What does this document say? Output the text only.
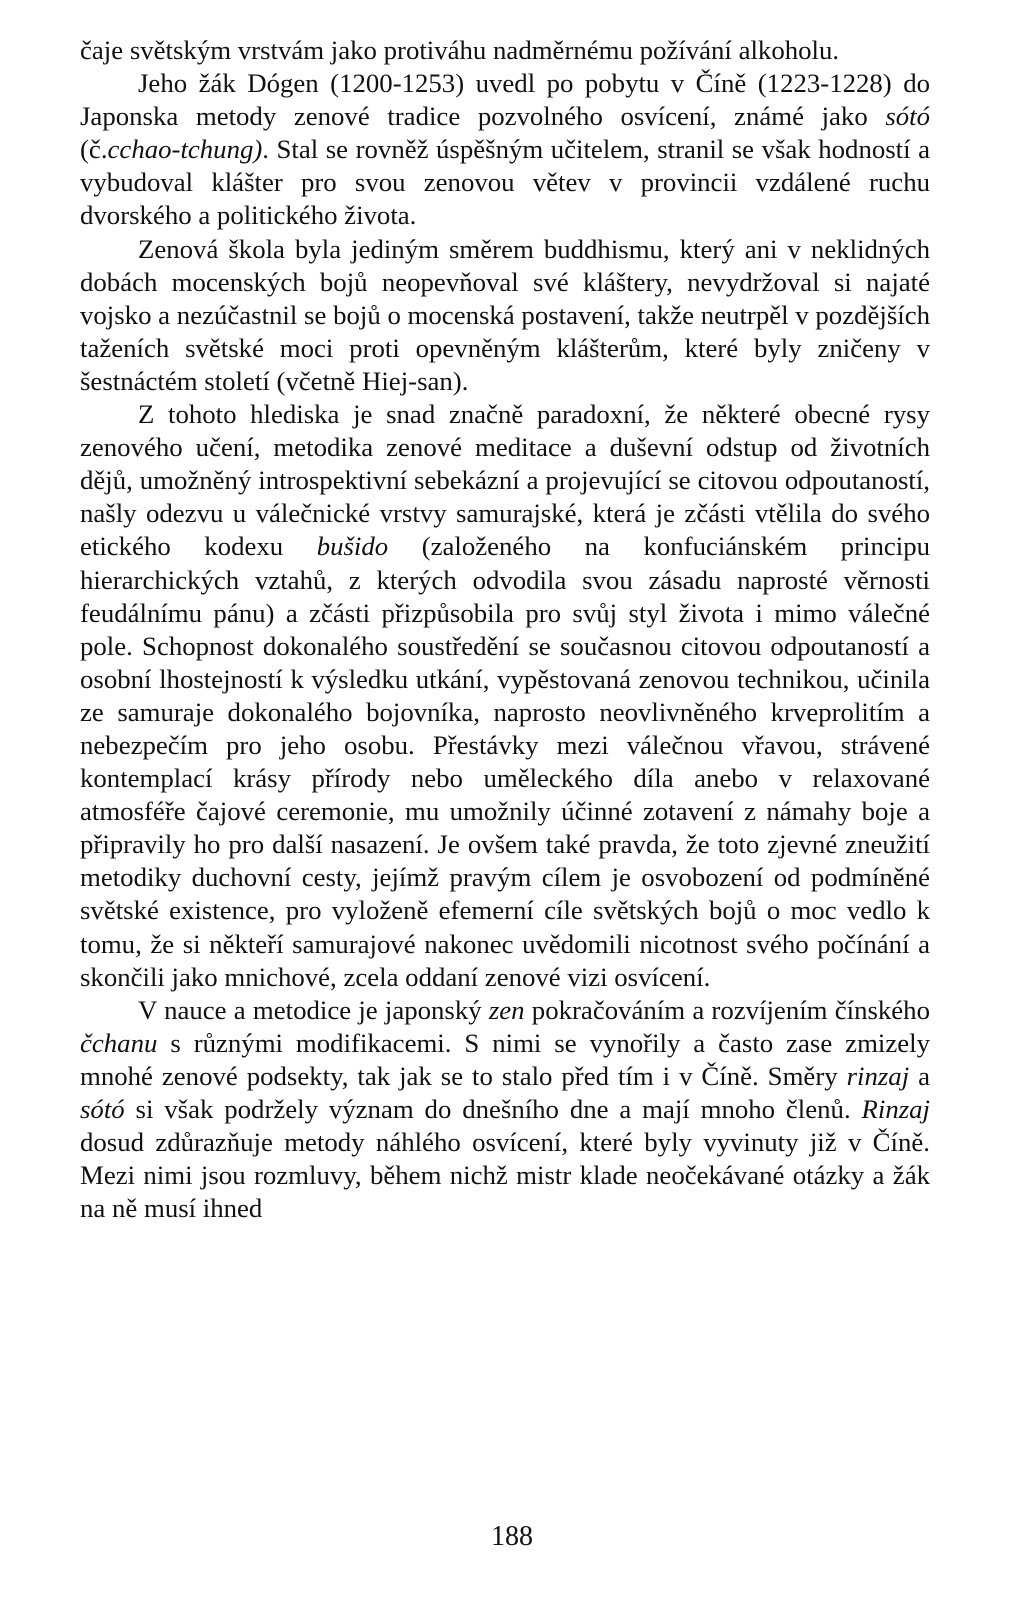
čaje světským vrstvám jako protiváhu nadměrnému požívání alkoholu.

Jeho žák Dógen (1200-1253) uvedl po pobytu v Číně (1223-1228) do Japonska metody zenové tradice pozvolného osvícení, známé jako sótó (č.cchao-tchung). Stal se rovněž úspěšným učitelem, stranil se však hodností a vybudoval klášter pro svou zenovou větev v provincii vzdálené ruchu dvorského a politického života.

Zenová škola byla jediným směrem buddhismu, který ani v neklidných dobách mocenských bojů neopevňoval své kláštery, nevydržoval si najaté vojsko a nezúčastnil se bojů o mocenská postavení, takže neutrpěl v pozdějších taženích světské moci proti opevněným klášterům, které byly zničeny v šestnáctém století (včetně Hiej-san).

Z tohoto hlediska je snad značně paradoxní, že některé obecné rysy zenového učení, metodika zenové meditace a duševní odstup od životních dějů, umožněný introspektivní sebekázní a projevující se citovou odpoutaností, našly odezvu u válečnické vrstvy samurajské, která je zčásti vtělila do svého etického kodexu bušido (založeného na konfuciánském principu hierarchických vztahů, z kterých odvodila svou zásadu naprosté věrnosti feudálnímu pánu) a zčásti přizpůsobila pro svůj styl života i mimo válečné pole. Schopnost dokonalého soustředění se současnou citovou odpoutaností a osobní lhostejností k výsledku utkání, vypěstovaná zenovou technikou, učinila ze samuraje dokonalého bojovníka, naprosto neovlivněného krveprolitím a nebezpečím pro jeho osobu. Přestávky mezi válečnou vřavou, strávené kontemplací krásy přírody nebo uměleckého díla anebo v relaxované atmosféře čajové ceremonie, mu umožnily účinné zotavení z námahy boje a připravily ho pro další nasazení. Je ovšem také pravda, že toto zjevné zneužití metodiky duchovní cesty, jejímž pravým cílem je osvobození od podmíněné světské existence, pro vyloženě efemerní cíle světských bojů o moc vedlo k tomu, že si někteří samurajové nakonec uvědomili nicotnost svého počínání a skončili jako mnichové, zcela oddaní zenové vizi osvícení.

V nauce a metodice je japonský zen pokračováním a rozvíjením čínského čchanu s různými modifikacemi. S nimi se vynořily a často zase zmizely mnohé zenové podsekty, tak jak se to stalo před tím i v Číně. Směry rinzaj a sótó si však podržely význam do dnešního dne a mají mnoho členů. Rinzaj dosud zdůrazňuje metody náhlého osvícení, které byly vyvinuty již v Číně. Mezi nimi jsou rozmluvy, během nichž mistr klade neočekávané otázky a žák na ně musí ihned

188
